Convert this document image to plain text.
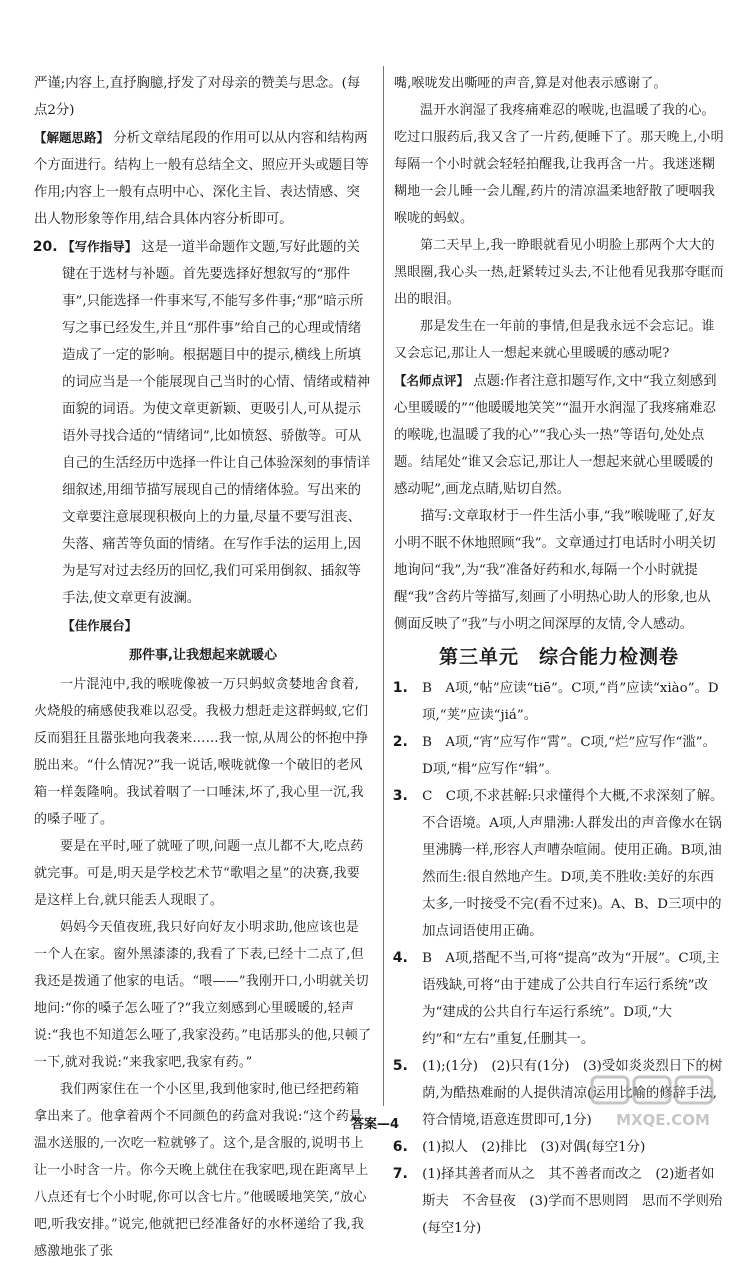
严谨;内容上,直抒胸臆,抒发了对母亲的赞美与思念。(每点2分)

【解题思路】 分析文章结尾段的作用可以从内容和结构两个方面进行。结构上一般有总结全文、照应开头或题目等作用;内容上一般有点明中心、深化主旨、表达情感、突出人物形象等作用,结合具体内容分析即可。

20. 【写作指导】 这是一道半命题作文题,写好此题的关键在于选材与补题。首先要选择好想叙写的“那件事”,只能选择一件事来写,不能写多件事;“那”暗示所写之事已经发生,并且“那件事”给自己的心理或情绪造成了一定的影响。根据题目中的提示,横线上所填的词应当是一个能展现自己当时的心情、情绪或精神面貌的词语。为使文章更新颖、更吸引人,可从提示语外寻找合适的“情绪词”,比如愤怒、骄傲等。可从自己的生活经历中选择一件让自己体验深刻的事情详细叙述,用细节描写展现自己的情绪体验。写出来的文章要注意展现积极向上的力量,尽量不要写沮丧、失落、痛苦等负面的情绪。在写作手法的运用上,因为是写对过去经历的回忆,我们可采用倒叙、插叙等手法,使文章更有波澜。

【佳作展台】

那件事,让我想起来就暖心

一片混沌中,我的喉咙像被一万只蚂蚁贪婪地舍食着,火烧般的痛感使我难以忍受。我极力想赶走这群蚂蚁,它们反而猖狂且嚣张地向我袭来……我一惊,从周公的怀抱中挣脱出来。“什么情况?”我一说话,喉咙就像一个破旧的老风箱一样轰隆响。我试着咽了一口唾沫,坏了,我心里一沉,我的嗓子哑了。

要是在平时,哑了就哑了呗,问题一点儿都不大,吃点药就完事。可是,明天是学校艺术节“歌唱之星”的决赛,我要是这样上台,就只能丢人现眼了。

妈妈今天值夜班,我只好向好友小明求助,他应该也是一个人在家。窗外黑漆漆的,我看了下表,已经十二点了,但我还是拨通了他家的电话。“喂——”我刚开口,小明就关切地问:“你的嗓子怎么哑了?”我立刻感到心里暖暖的,轻声说:“我也不知道怎么哑了,我家没药。”电话那头的他,只顿了一下,就对我说:“来我家吧,我家有药。”

我们两家住在一个小区里,我到他家时,他已经把药箱拿出来了。他拿着两个不同颜色的药盒对我说:“这个药是温水送服的,一次吃一粒就够了。这个,是含服的,说明书上让一小时含一片。你今天晚上就住在我家吧,现在距离早上八点还有七个小时呢,你可以含七片。”他暖暖地笑笑,“放心吧,听我安排。”说完,他就把已经准备好的水杯递给了我,我感激地张了张

嘴,喉咙发出嘶哑的声音,算是对他表示感谢了。

温开水润湿了我疼痛难忍的喉咙,也温暖了我的心。吃过口服药后,我又含了一片药,便睡下了。那天晚上,小明每隔一个小时就会轻轻拍醒我,让我再含一片。我迷迷糊糊地一会儿睡一会儿醒,药片的清凉温柔地舒散了哽咽我喉咙的蚂蚁。

第二天早上,我一睁眼就看见小明脸上那两个大大的黑眼圈,我心头一热,赶紧转过头去,不让他看见我那夺眶而出的眼泪。

那是发生在一年前的事情,但是我永远不会忘记。谁又会忘记,那让人一想起来就心里暖暖的感动呢?

【名师点评】 点题:作者注意扣题写作,文中“我立刻感到心里暖暖的”“他暖暖地笑笑”“温开水润湿了我疼痛难忍的喉咙,也温暖了我的心”“我心头一热”等语句,处处点题。结尾处“谁又会忘记,那让人一想起来就心里暖暖的感动呢”,画龙点睛,贴切自然。

描写:文章取材于一件生活小事,“我”喉咙哑了,好友小明不眠不休地照顾“我”。文章通过打电话时小明关切地询问“我”,为“我”准备好药和水,每隔一个小时就提醒“我”含药片等描写,刻画了小明热心助人的形象,也从侧面反映了“我”与小明之间深厚的友情,令人感动。

第三单元　综合能力检测卷

1. B　A项,“帖”应读“tiē”。C项,“肖”应读“xiào”。D项,“荚”应读“jiá”。

2. B　A项,“宵”应写作“霄”。C项,“烂”应写作“滥”。D项,“楫”应写作“辑”。

3. C　C项,不求甚解:只求懂得个大概,不求深刻了解。不合语境。A项,人声鼎沸:人群发出的声音像水在锅里沸腾一样,形容人声嘈杂喧闹。使用正确。B项,油然而生:很自然地产生。D项,美不胜收:美好的东西太多,一时接受不完(看不过来)。A、B、D三项中的加点词语使用正确。

4. B　A项,搭配不当,可将“提高”改为“开展”。C项,主语残缺,可将“由于建成了公共自行车运行系统”改为“建成的公共自行车运行系统”。D项,“大约”和“左右”重复,任删其一。

5. (1);(1分)　(2)只有(1分)　(3)受如炎炎烈日下的树荫,为酷热难耐的人提供清凉(运用比喻的修辞手法,符合情境,语意连贯即可,1分)

6. (1)拟人　(2)排比　(3)对偶(每空1分)

7. (1)择其善者而从之　其不善者而改之　(2)逝者如斯夫　不舍昼夜　(3)学而不思则罔　思而不学则殆(每空1分)

答案—4	MXQE.COM
